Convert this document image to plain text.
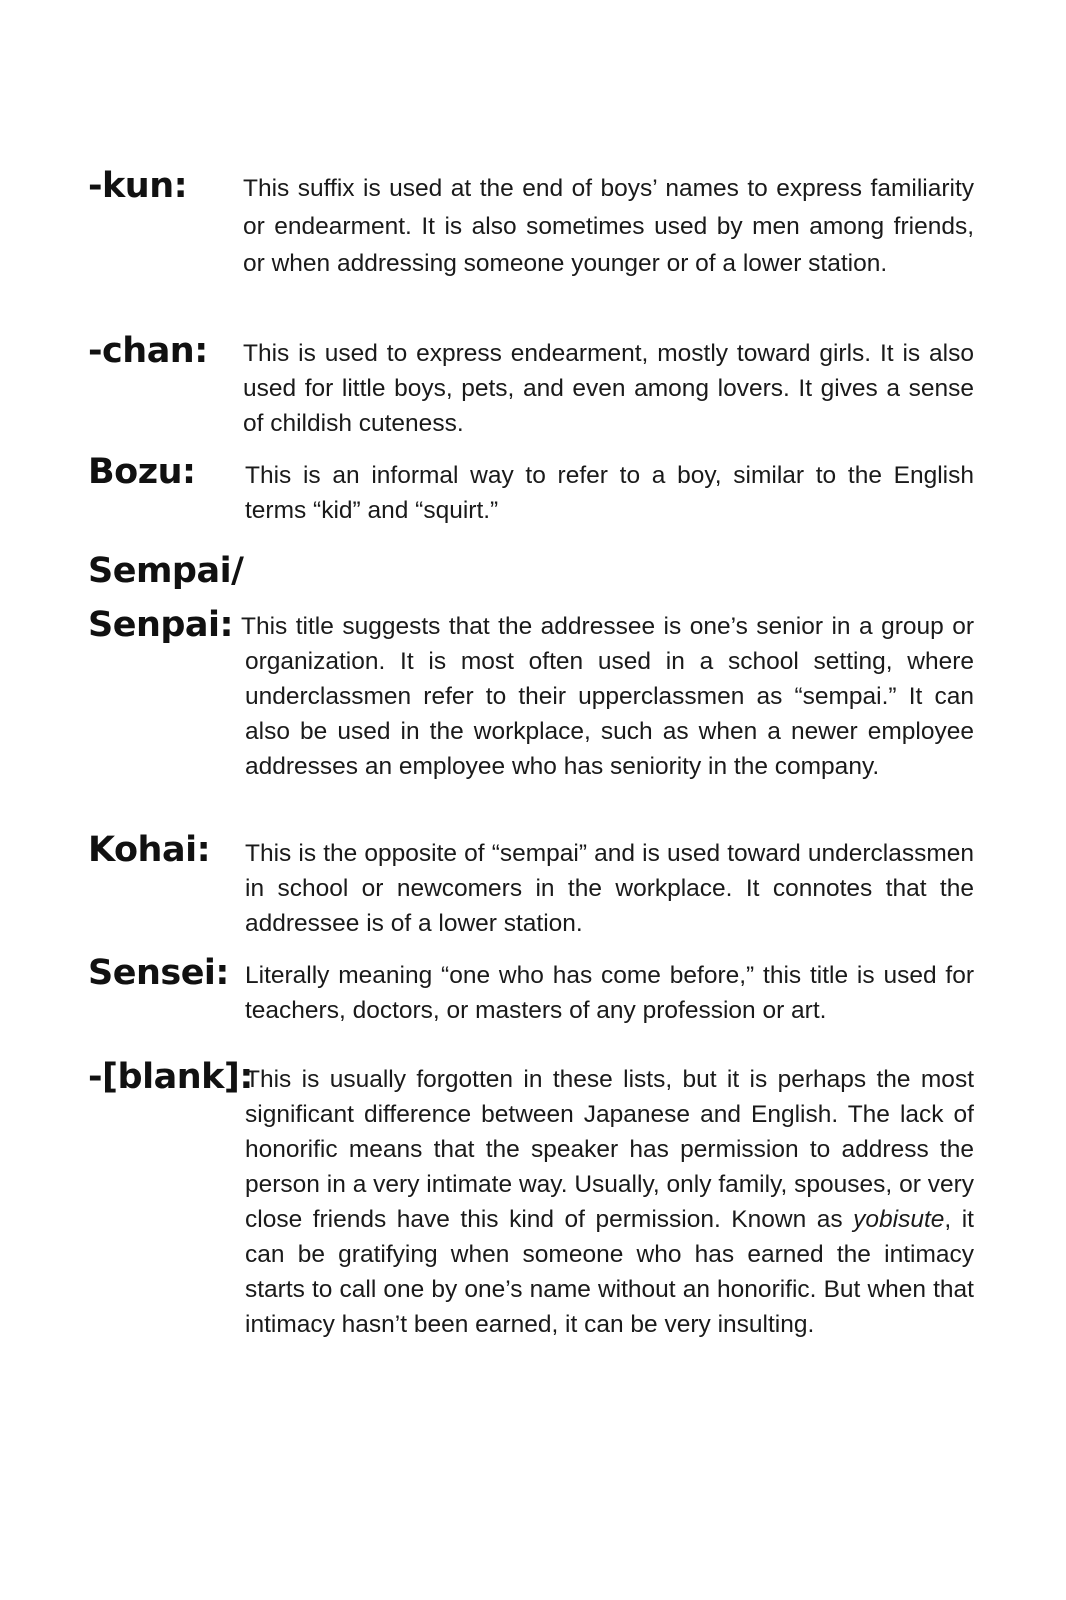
-kun: This suffix is used at the end of boys’ names to express familiarity or endearment. It is also sometimes used by men among friends, or when addressing someone younger or of a lower station.

-chan: This is used to express endearment, mostly toward girls. It is also used for little boys, pets, and even among lovers. It gives a sense of childish cuteness.

Bozu: This is an informal way to refer to a boy, similar to the English terms “kid” and “squirt.”

Sempai/
Senpai: This title suggests that the addressee is one’s senior in a group or organization. It is most often used in a school setting, where underclassmen refer to their upperclassmen as “sempai.” It can also be used in the workplace, such as when a newer employee addresses an employee who has seniority in the company.

Kohai: This is the opposite of “sempai” and is used toward underclassmen in school or newcomers in the workplace. It connotes that the addressee is of a lower station.

Sensei: Literally meaning “one who has come before,” this title is used for teachers, doctors, or masters of any profession or art.

-[blank]:

This is usually forgotten in these lists, but it is perhaps the most significant difference between Japanese and English. The lack of honorific means that the speaker has permission to address the person in a very intimate way. Usually, only family, spouses, or very close friends have this kind of permission. Known as yobisute, it can be gratifying when someone who has earned the intimacy starts to call one by one’s name without an honorific. But when that intimacy hasn’t been earned, it can be very insulting.
